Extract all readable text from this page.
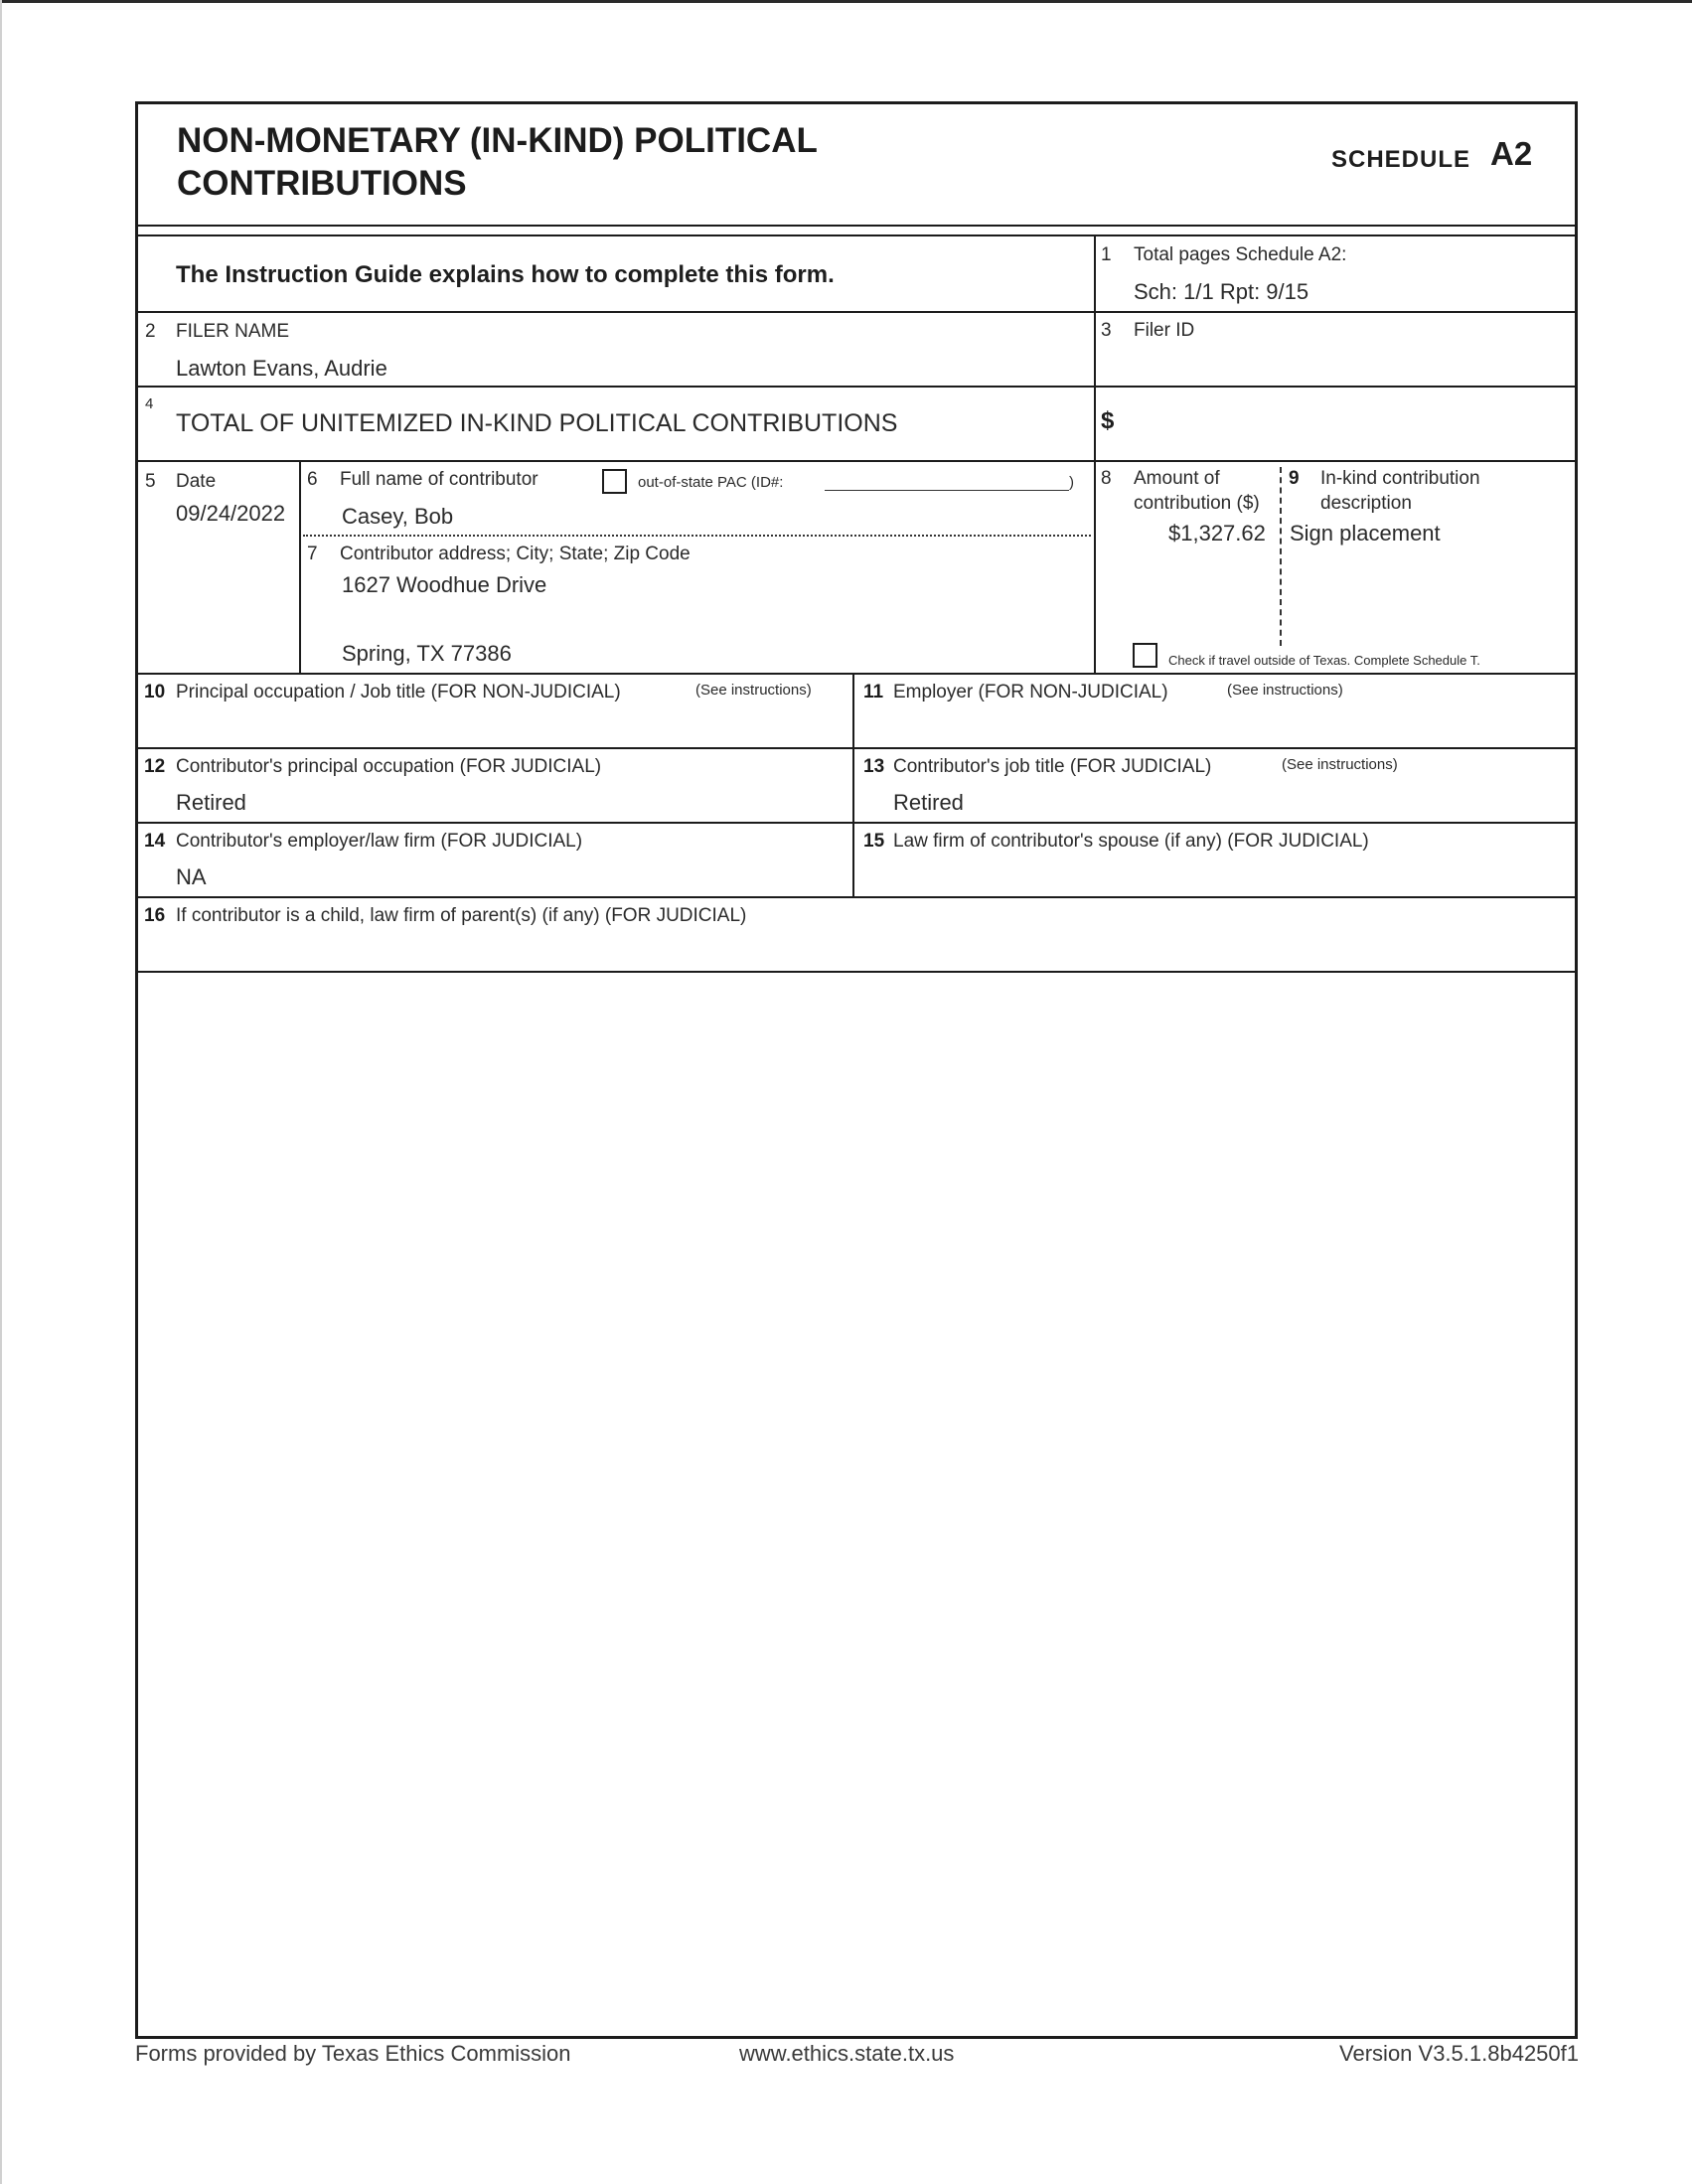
NON-MONETARY (IN-KIND) POLITICAL
CONTRIBUTIONS
SCHEDULE A2
The Instruction Guide explains how to complete this form.
1 Total pages Schedule A2:
Sch: 1/1 Rpt: 9/15
2 FILER NAME
Lawton Evans, Audrie
3 Filer ID
4
TOTAL OF UNITEMIZED IN-KIND POLITICAL CONTRIBUTIONS	$
5 Date
09/24/2022
6 Full name of contributor	out-of-state PAC (ID#:	)
Casey, Bob
7 Contributor address; City; State; Zip Code
1627 Woodhue Drive
Spring, TX 77386
8 Amount of
contribution ($)
$1,327.62
9 In-kind contribution
description
Sign placement
Check if travel outside of Texas. Complete Schedule T.
10 Principal occupation / Job title (FOR NON-JUDICIAL)	(See instructions)	11 Employer (FOR NON-JUDICIAL)	(See instructions)
12 Contributor's principal occupation (FOR JUDICIAL)
Retired
13 Contributor's job title (FOR JUDICIAL)	(See instructions)
Retired
14 Contributor's employer/law firm (FOR JUDICIAL)
NA
15 Law firm of contributor's spouse (if any) (FOR JUDICIAL)
16 If contributor is a child, law firm of parent(s) (if any) (FOR JUDICIAL)
Forms provided by Texas Ethics Commission	www.ethics.state.tx.us	Version V3.5.1.8b4250f1
